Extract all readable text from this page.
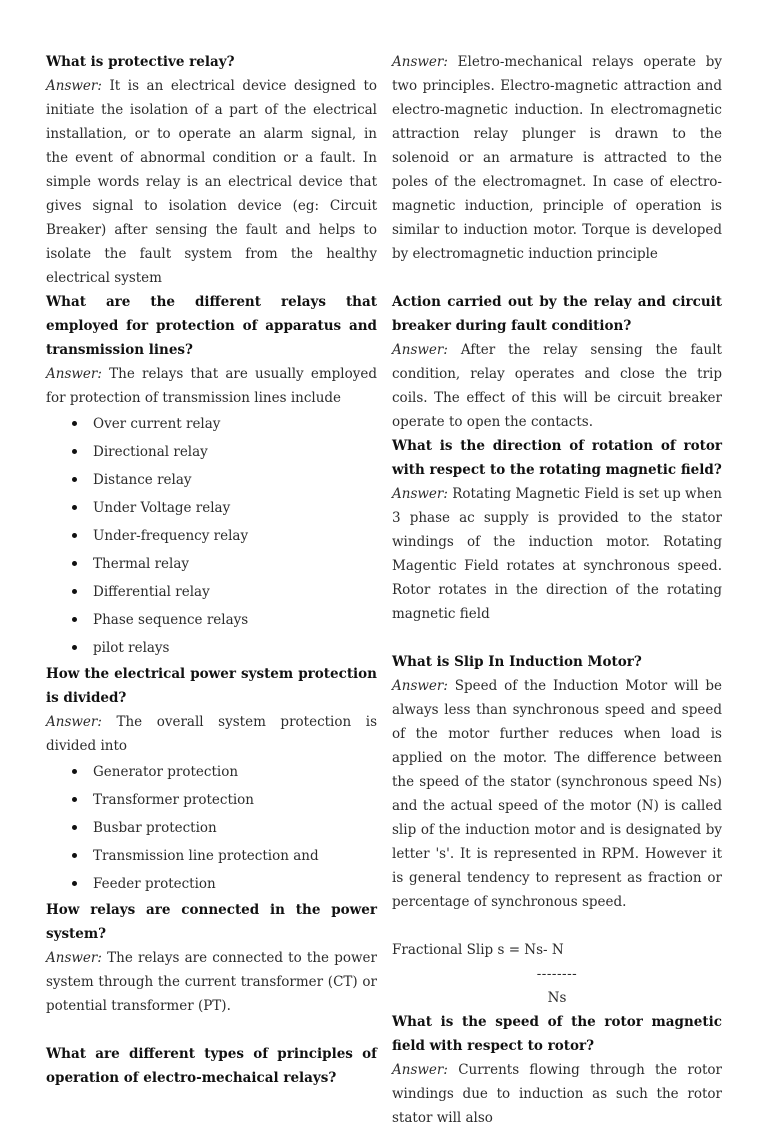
What is protective relay?

Answer: It is an electrical device designed to initiate the isolation of a part of the electrical installation, or to operate an alarm signal, in the event of abnormal condition or a fault. In simple words relay is an electrical device that gives signal to isolation device (eg: Circuit Breaker) after sensing the fault and helps to isolate the fault system from the healthy electrical system

What are the different relays that employed for protection of apparatus and transmission lines?

Answer: The relays that are usually employed for protection of transmission lines include

Over current relay
Directional relay
Distance relay
Under Voltage relay
Under-frequency relay
Thermal relay
Differential relay
Phase sequence relays
pilot relays

How the electrical power system protection is divided?

Answer: The overall system protection is divided into

Generator protection
Transformer protection
Busbar protection
Transmission line protection and
Feeder protection

How relays are connected in the power system?

Answer: The relays are connected to the power system through the current transformer (CT) or potential transformer (PT).

What are different types of principles of operation of electro-mechaical relays?

Answer: Eletro-mechanical relays operate by two principles. Electro-magnetic attraction and electro-magnetic induction. In electromagnetic attraction relay plunger is drawn to the solenoid or an armature is attracted to the poles of the electromagnet. In case of electro-magnetic induction, principle of operation is similar to induction motor. Torque is developed by electromagnetic induction principle

Action carried out by the relay and circuit breaker during fault condition?

Answer: After the relay sensing the fault condition, relay operates and close the trip coils. The effect of this will be circuit breaker operate to open the contacts.

What is the direction of rotation of rotor with respect to the rotating magnetic field?

Answer: Rotating Magnetic Field is set up when 3 phase ac supply is provided to the stator windings of the induction motor. Rotating Magentic Field rotates at synchronous speed. Rotor rotates in the direction of the rotating magnetic field

What is Slip In Induction Motor?

Answer: Speed of the Induction Motor will be always less than synchronous speed and speed of the motor further reduces when load is applied on the motor. The difference between the speed of the stator (synchronous speed Ns) and the actual speed of the motor (N) is called slip of the induction motor and is designated by letter 's'. It is represented in RPM. However it is general tendency to represent as fraction or percentage of synchronous speed.

Fractional Slip s = Ns- N

--------

Ns

What is the speed of the rotor magnetic field with respect to rotor?

Answer: Currents flowing through the rotor windings due to induction as such the rotor stator will also
